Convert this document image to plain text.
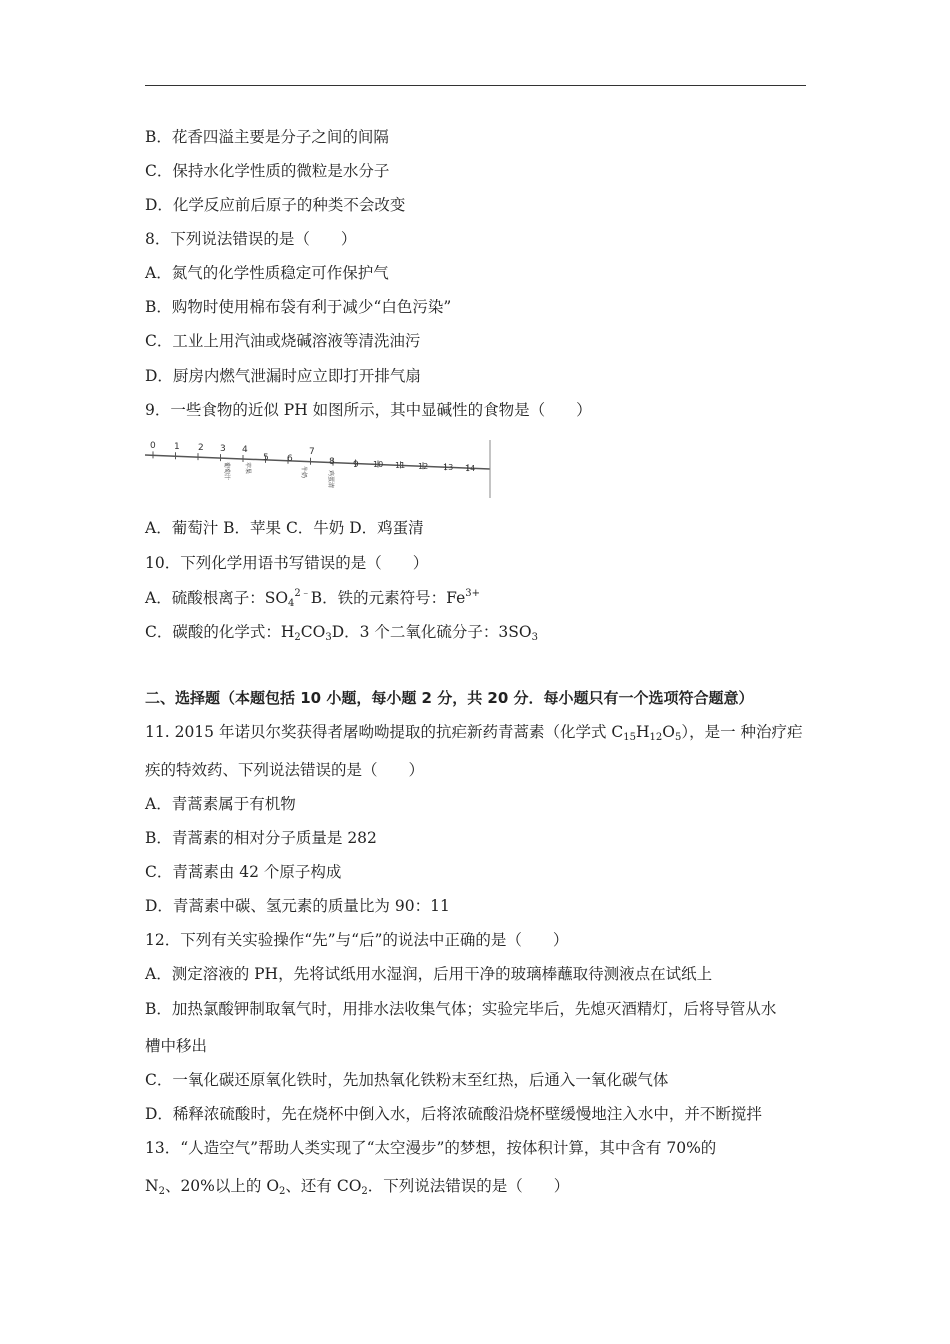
B．花香四溢主要是分子之间的间隔
C．保持水化学性质的微粒是水分子
D．化学反应前后原子的种类不会改变
8．下列说法错误的是（　　）
A．氮气的化学性质稳定可作保护气
B．购物时使用棉布袋有利于减少“白色污染”
C．工业上用汽油或烧碱溶液等清洗油污
D．厨房内燃气泄漏时应立即打开排气扇
9．一些食物的近似 PH 如图所示，其中显碱性的食物是（　　）
0 1 2 3 4
5 6
7
8 9 10 11 12 13 14
葡萄汁 苹果	牛奶	鸡蛋清
A．葡萄汁 B．苹果 C．牛奶 D．鸡蛋清
10．下列化学用语书写错误的是（　　）
A．硫酸根离子：$SO_4^{2﹣}B$．铁的元素符号：$Fe^{3+}$
C．碳酸的化学式：$H_2CO_3D$．3 个二氧化硫分子：$3SO_3$
二、选择题（本题包括 10 小题，每小题 2 分，共 20 分．每小题只有一个选项符合题意）
11. 2015 年诺贝尔奖获得者屠呦呦提取的抗疟新药青蒿素（化学式 $C_{15}H_{12}O_5$），是一 种治疗疟
疾的特效药、下列说法错误的是（　　）
A．青蒿素属于有机物
B．青蒿素的相对分子质量是 282
C．青蒿素由 42 个原子构成
D．青蒿素中碳、氢元素的质量比为 90：11
12．下列有关实验操作“先”与“后”的说法中正确的是（　　）
A．测定溶液的 PH，先将试纸用水湿润，后用干净的玻璃棒蘸取待测液点在试纸上
B．加热氯酸钾制取氧气时，用排水法收集气体；实验完毕后，先熄灭酒精灯，后将导管从水
槽中移出
C．一氧化碳还原氧化铁时，先加热氧化铁粉末至红热，后通入一氧化碳气体
D．稀释浓硫酸时，先在烧杯中倒入水，后将浓硫酸沿烧杯壁缓慢地注入水中，并不断搅拌
13．“人造空气”帮助人类实现了“太空漫步”的梦想，按体积计算，其中含有 70%的
$N_2$、20%以上的 $O_2$、还有 $CO_2$．下列说法错误的是（　　）
